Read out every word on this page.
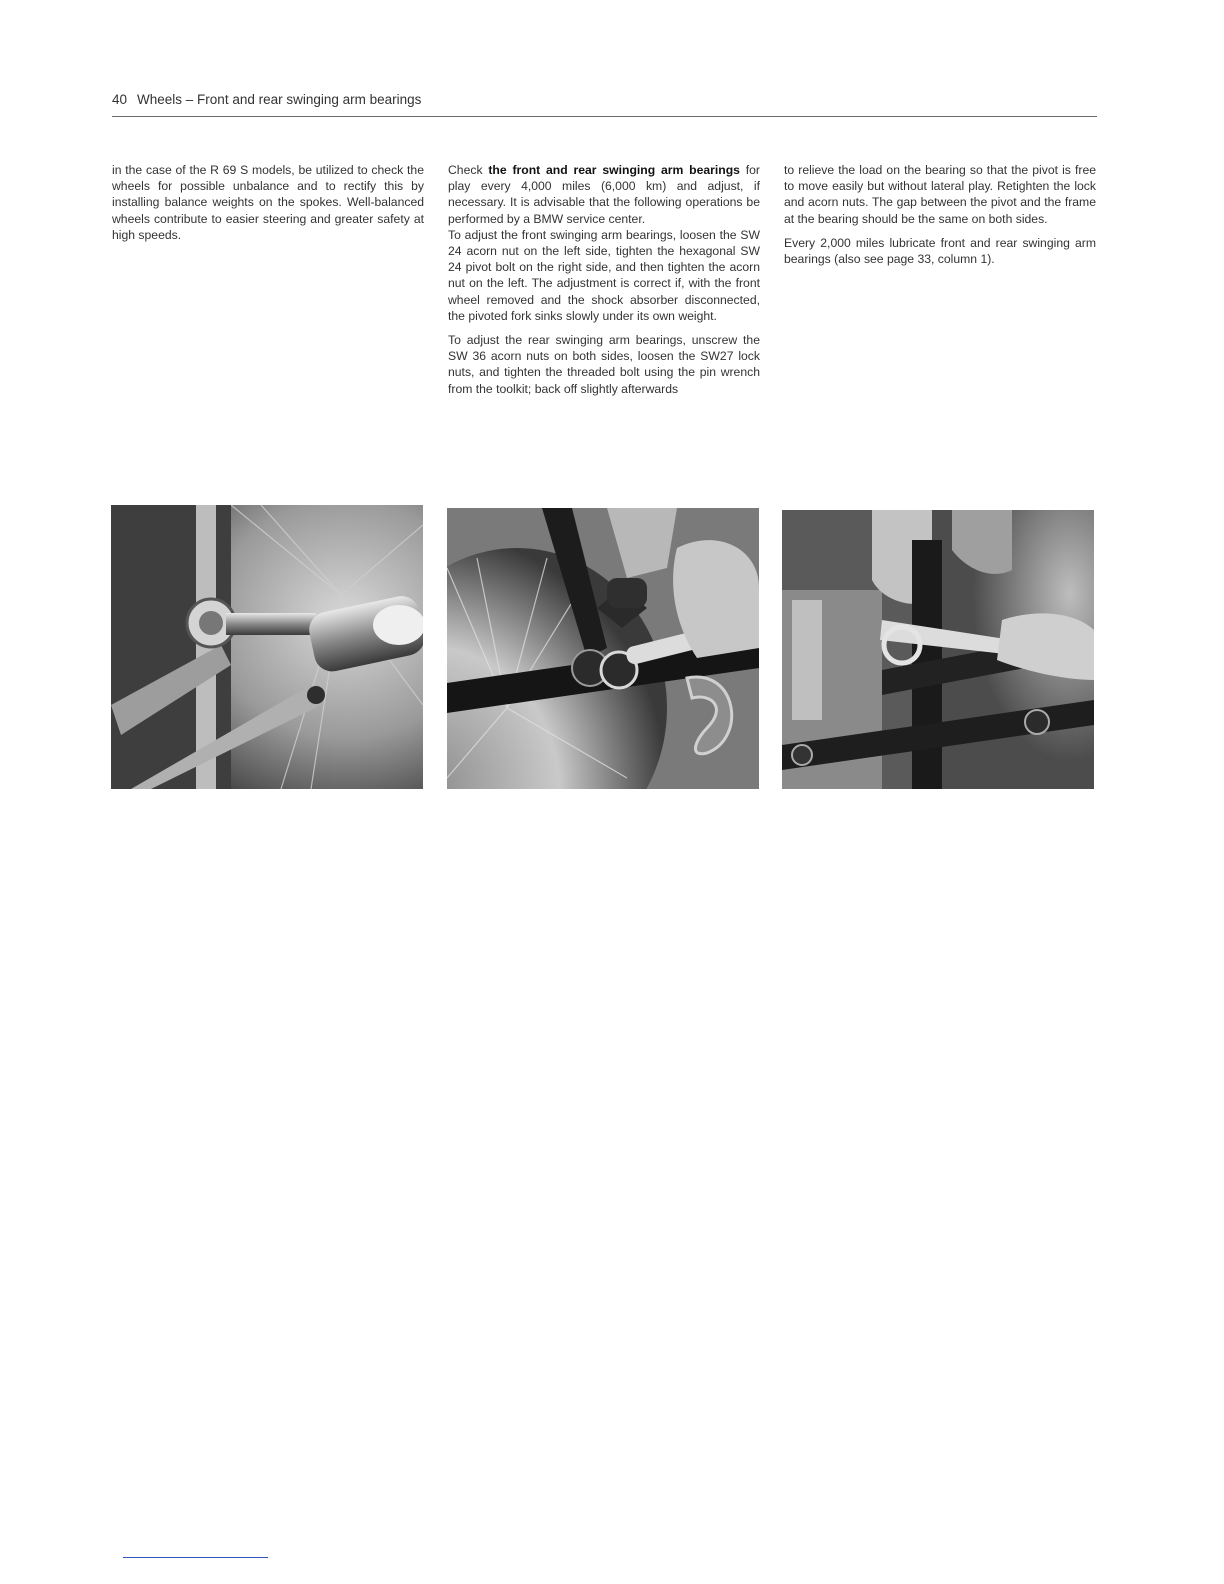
40 Wheels – Front and rear swinging arm bearings

in the case of the R 69 S models, be utilized to check the wheels for possible unbalance and to rectify this by installing balance weights on the spokes. Well-balanced wheels contribute to easier steering and greater safety at high speeds.

Check the front and rear swinging arm bearings for play every 4,000 miles (6,000 km) and adjust, if necessary. It is advisable that the following operations be performed by a BMW service center.

To adjust the front swinging arm bearings, loosen the SW 24 acorn nut on the left side, tighten the hexagonal SW 24 pivot bolt on the right side, and then tighten the acorn nut on the left. The adjustment is correct if, with the front wheel removed and the shock absorber disconnected, the pivoted fork sinks slowly under its own weight.

To adjust the rear swinging arm bearings, unscrew the SW 36 acorn nuts on both sides, loosen the SW27 lock nuts, and tighten the threaded bolt using the pin wrench from the toolkit; back off slightly afterwards

to relieve the load on the bearing so that the pivot is free to move easily but without lateral play. Retighten the lock and acorn nuts. The gap between the pivot and the frame at the bearing should be the same on both sides.

Every 2,000 miles lubricate front and rear swinging arm bearings (also see page 33, column 1).
